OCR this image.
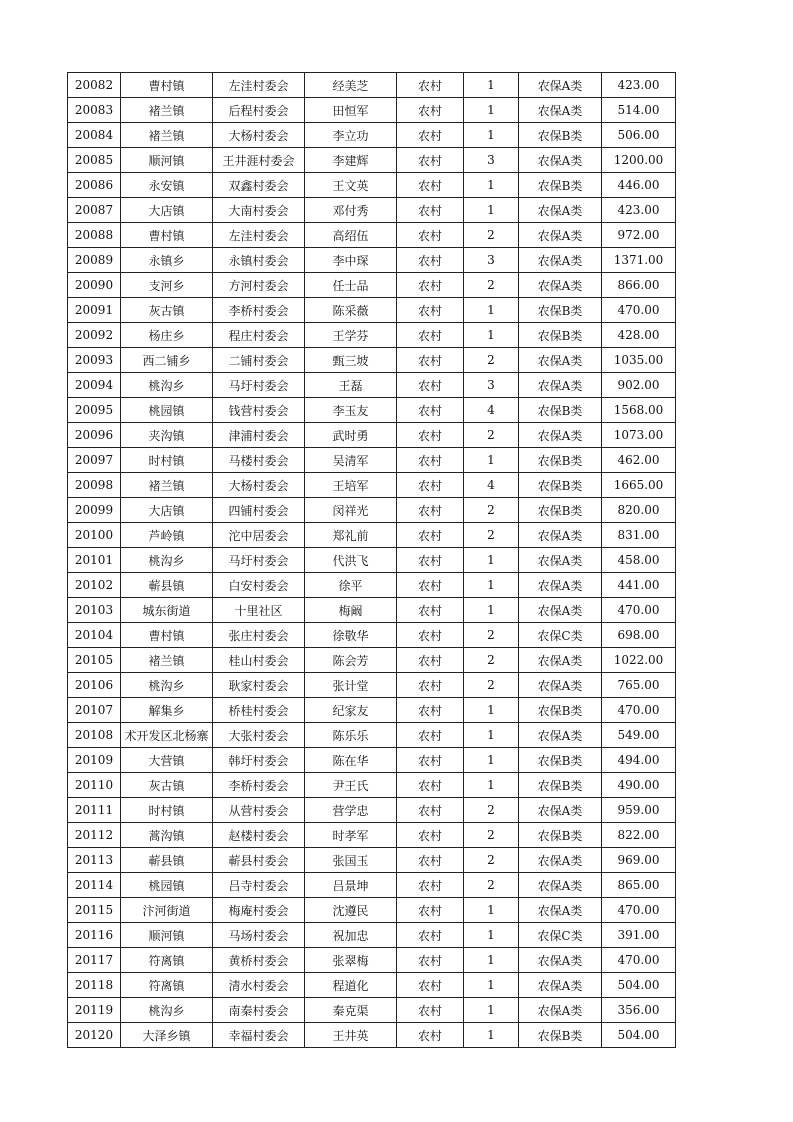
20082	曹村镇	左洼村委会	经美芝	农村	1	农保A类	423.00
20083	褚兰镇	后程村委会	田恒军	农村	1	农保A类	514.00
20084	褚兰镇	大杨村委会	李立功	农村	1	农保B类	506.00
20085	顺河镇	王井涯村委会	李建辉	农村	3	农保A类	1200.00
20086	永安镇	双鑫村委会	王文英	农村	1	农保B类	446.00
20087	大店镇	大南村委会	邓付秀	农村	1	农保A类	423.00
20088	曹村镇	左洼村委会	高绍伍	农村	2	农保A类	972.00
20089	永镇乡	永镇村委会	李中琛	农村	3	农保A类	1371.00
20090	支河乡	方河村委会	任士品	农村	2	农保A类	866.00
20091	灰古镇	李桥村委会	陈采薇	农村	1	农保B类	470.00
20092	杨庄乡	程庄村委会	王学芬	农村	1	农保B类	428.00
20093	西二铺乡	二铺村委会	甄三坡	农村	2	农保A类	1035.00
20094	桃沟乡	马圩村委会	王磊	农村	3	农保A类	902.00
20095	桃园镇	钱营村委会	李玉友	农村	4	农保B类	1568.00
20096	夹沟镇	津浦村委会	武时勇	农村	2	农保A类	1073.00
20097	时村镇	马楼村委会	吴清军	农村	1	农保B类	462.00
20098	褚兰镇	大杨村委会	王培军	农村	4	农保B类	1665.00
20099	大店镇	四铺村委会	闵祥光	农村	2	农保B类	820.00
20100	芦岭镇	沱中居委会	郑礼前	农村	2	农保A类	831.00
20101	桃沟乡	马圩村委会	代洪飞	农村	1	农保A类	458.00
20102	蕲县镇	白安村委会	徐平	农村	1	农保A类	441.00
20103	城东街道	十里社区	梅阚	农村	1	农保A类	470.00
20104	曹村镇	张庄村委会	徐敬华	农村	2	农保C类	698.00
20105	褚兰镇	桂山村委会	陈会芳	农村	2	农保A类	1022.00
20106	桃沟乡	耿家村委会	张计堂	农村	2	农保A类	765.00
20107	解集乡	桥桂村委会	纪家友	农村	1	农保B类	470.00
20108	术开发区北杨寨	大张村委会	陈乐乐	农村	1	农保A类	549.00
20109	大营镇	韩圩村委会	陈在华	农村	1	农保B类	494.00
20110	灰古镇	李桥村委会	尹王氏	农村	1	农保B类	490.00
20111	时村镇	从营村委会	营学忠	农村	2	农保A类	959.00
20112	蒿沟镇	赵楼村委会	时孝军	农村	2	农保B类	822.00
20113	蕲县镇	蕲县村委会	张国玉	农村	2	农保A类	969.00
20114	桃园镇	吕寺村委会	吕景坤	农村	2	农保A类	865.00
20115	汴河街道	梅庵村委会	沈遵民	农村	1	农保A类	470.00
20116	顺河镇	马场村委会	祝加忠	农村	1	农保C类	391.00
20117	符离镇	黄桥村委会	张翠梅	农村	1	农保A类	470.00
20118	符离镇	清水村委会	程道化	农村	1	农保A类	504.00
20119	桃沟乡	南秦村委会	秦克渠	农村	1	农保A类	356.00
20120	大泽乡镇	幸福村委会	王井英	农村	1	农保B类	504.00
